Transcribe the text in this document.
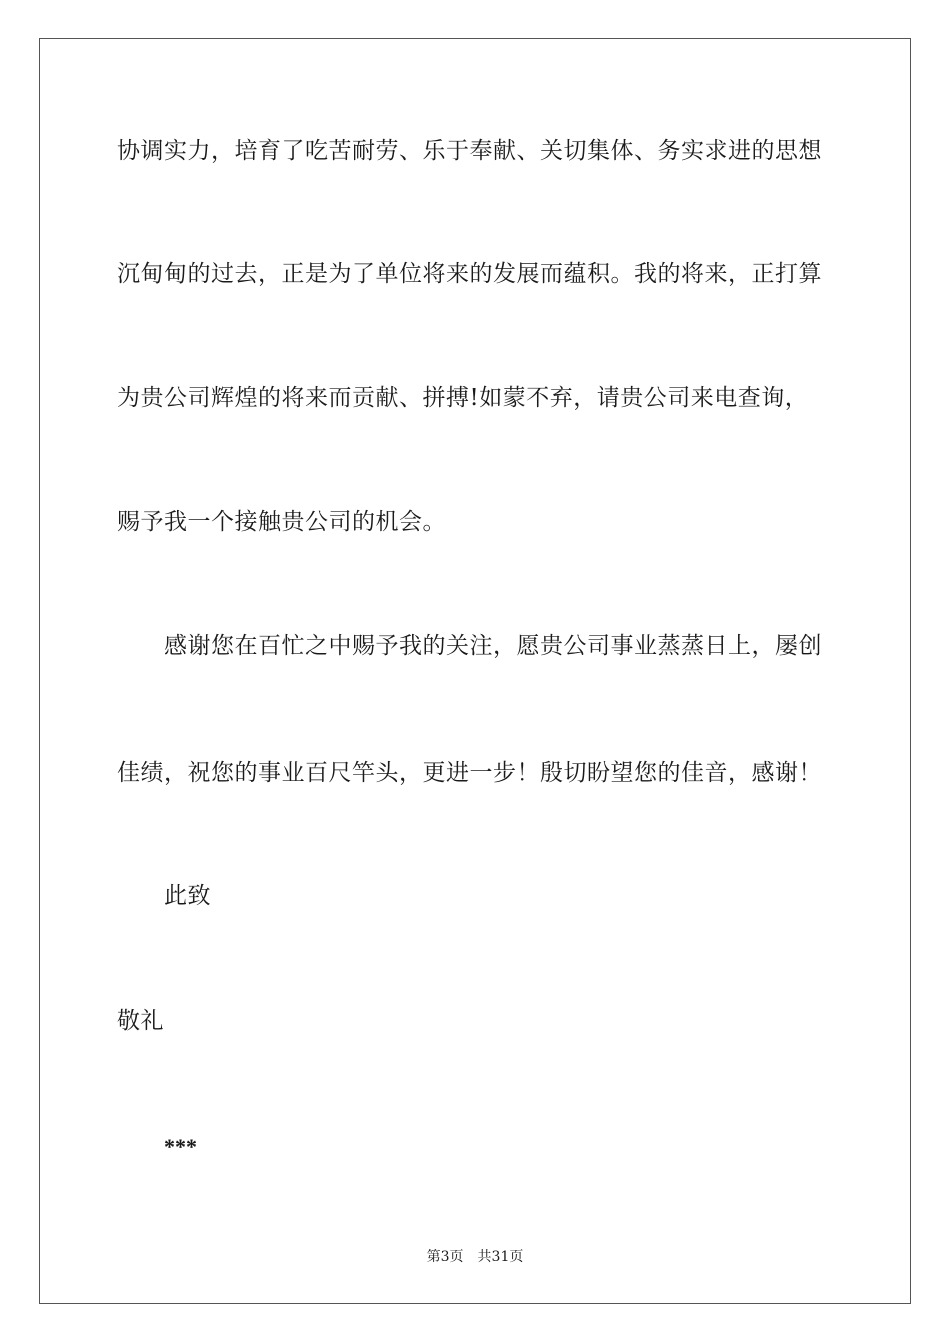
协调实力，培育了吃苦耐劳、乐于奉献、关切集体、务实求进的思想
沉甸甸的过去，正是为了单位将来的发展而蕴积。我的将来，正打算
为贵公司辉煌的将来而贡献、拼搏!如蒙不弃，请贵公司来电查询，
赐予我一个接触贵公司的机会。
感谢您在百忙之中赐予我的关注，愿贵公司事业蒸蒸日上，屡创
佳绩，祝您的事业百尺竿头，更进一步！殷切盼望您的佳音，感谢！
此致
敬礼
***
第3页 共31页
